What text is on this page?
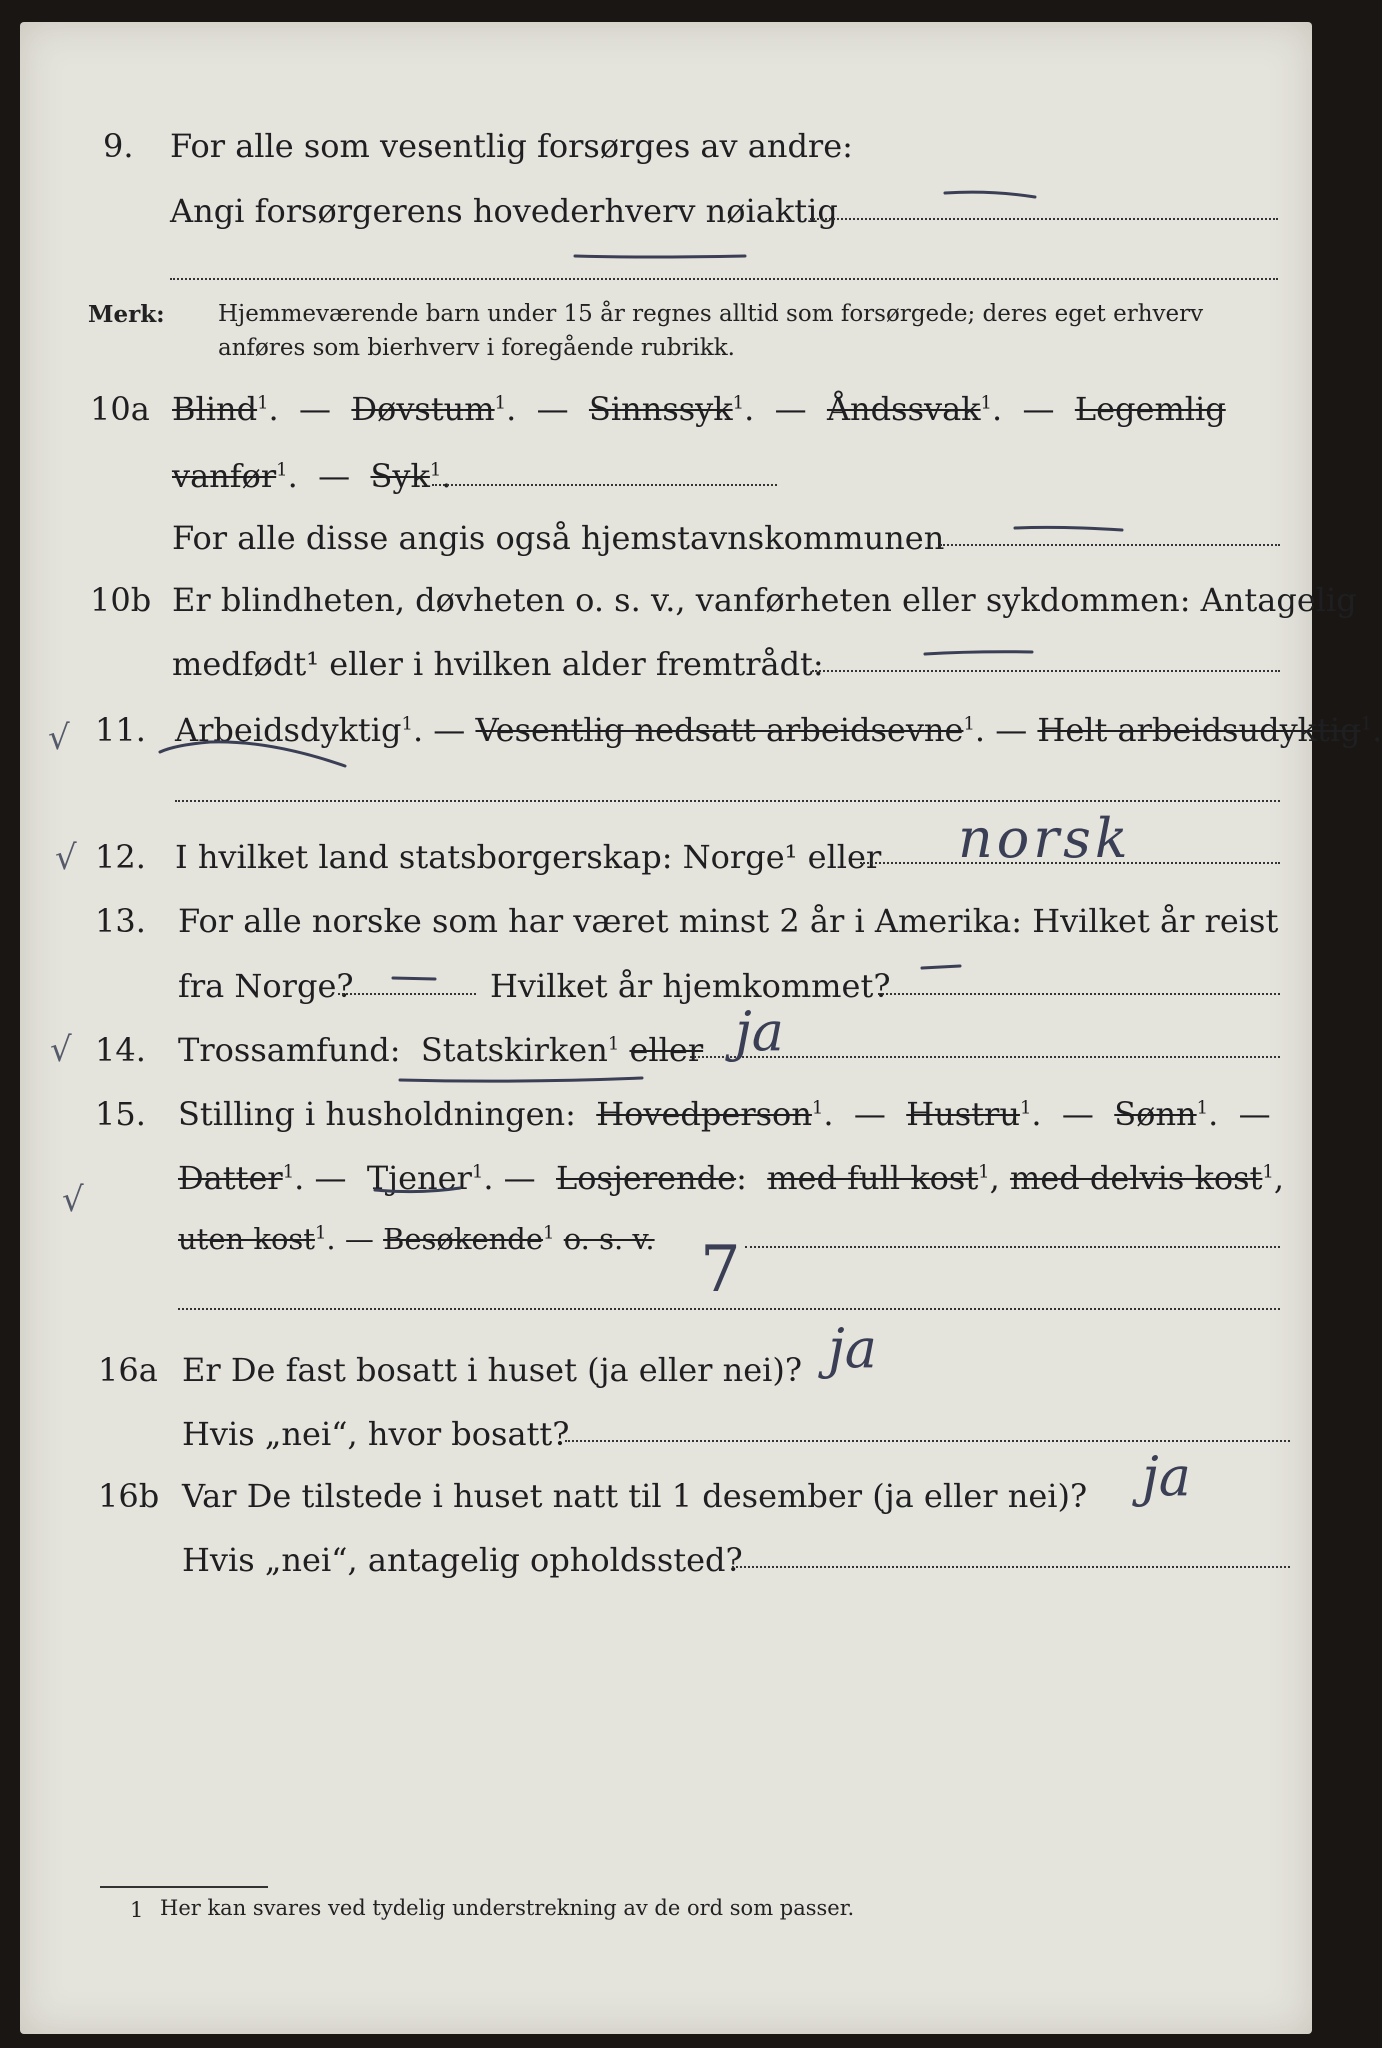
9. For alle som vesentlig forsørges av andre:
Angi forsørgerens hovederhverv nøiaktig
Merk: Hjemmeværende barn under 15 år regnes alltid som forsørgede; deres eget erhverv
anføres som bierhverv i foregående rubrikk.
10a Blind$^1$.  —  Døvstum$^1$.  —  Sinnssyk$^1$.  —  Åndssvak$^1$.  —  Legemlig
vanfør$^1$.  —  Syk$^1$.
For alle disse angis også hjemstavnskommunen
10b Er blindheten, døvheten o. s. v., vanførheten eller sykdommen: Antagelig
medfødt¹ eller i hvilken alder fremtrådt:
√ 11. Arbeidsdyktig$^1$. — Vesentlig nedsatt arbeidsevne$^1$. — Helt arbeidsudyktig$^1$.
√ 12. I hvilket land statsborgerskap: Norge¹ eller norsk
13. For alle norske som har været minst 2 år i Amerika: Hvilket år reist
fra Norge?	Hvilket år hjemkommet?
√ 14. Trossamfund: Statskirken$^1$ eller ja
15. Stilling i husholdningen: Hovedperson$^1$.  —  Hustru$^1$.  —  Sønn$^1$.  —
√
Datter$^1$. —  Tjener$^1$. —  Losjerende:  med full kost$^1$, med delvis kost$^1$,
uten kost$^1$. — Besøkende$^1$ o. s. v. 7
16a Er De fast bosatt i huset (ja eller nei)? ja
Hvis „nei“, hvor bosatt?
16b Var De tilstede i huset natt til 1 desember (ja eller nei)? ja
Hvis „nei“, antagelig opholdssted?
1 Her kan svares ved tydelig understrekning av de ord som passer.
